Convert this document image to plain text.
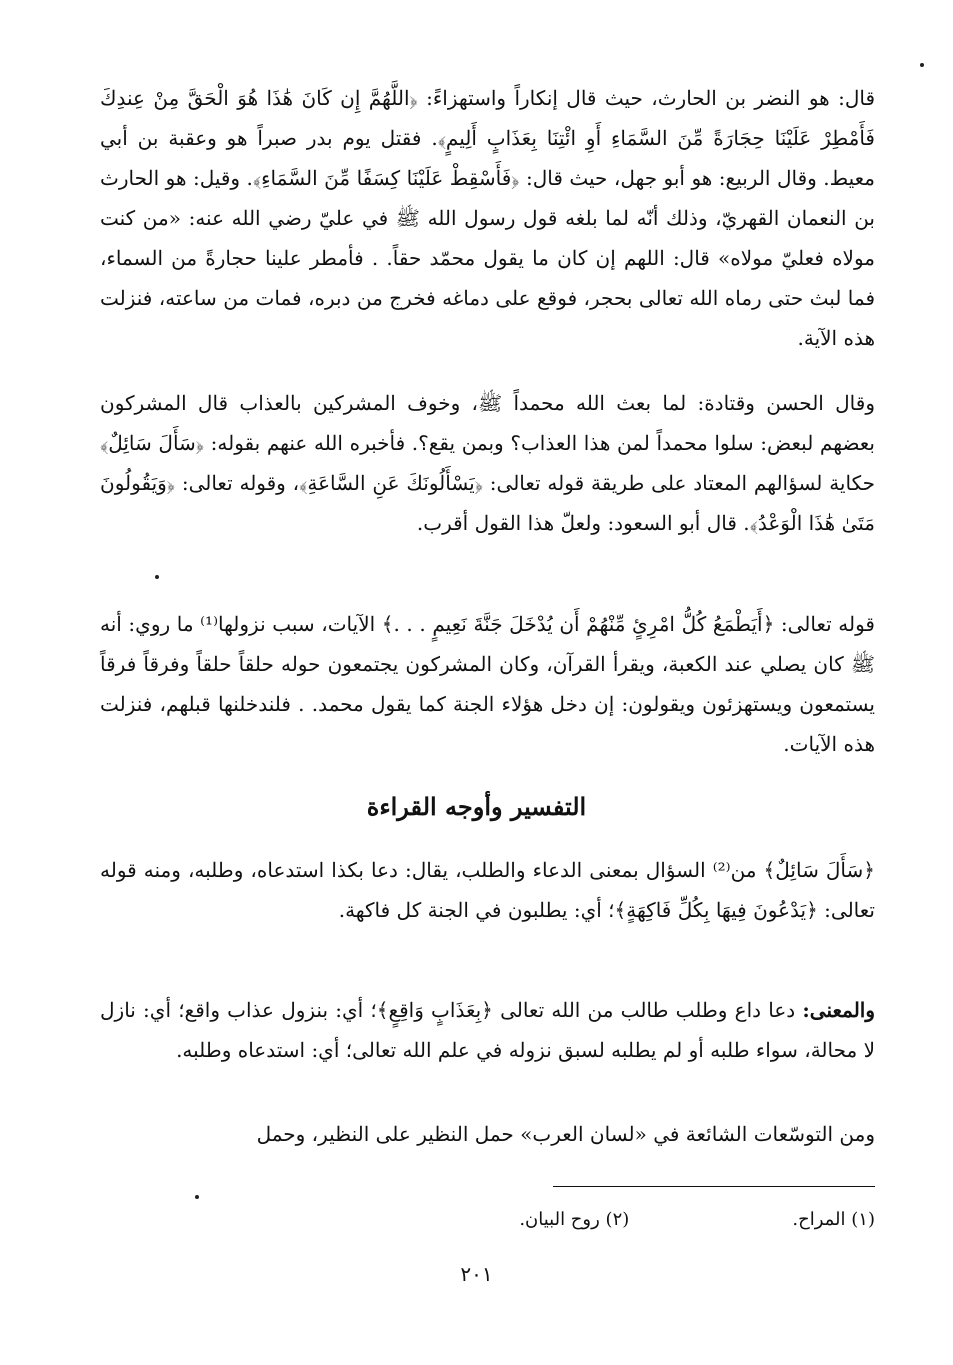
قال: هو النضر بن الحارث، حيث قال إنكاراً واستهزاءً: ﴿اللَّهُمَّ إِن كَانَ هَٰذَا هُوَ الْحَقَّ مِنْ عِندِكَ فَأَمْطِرْ عَلَيْنَا حِجَارَةً مِّنَ السَّمَاءِ أَوِ ائْتِنَا بِعَذَابٍ أَلِيمٍ﴾. فقتل يوم بدر صبراً هو وعقبة بن أبي معيط. وقال الربيع: هو أبو جهل، حيث قال: ﴿فَأَسْقِطْ عَلَيْنَا كِسَفًا مِّنَ السَّمَاءِ﴾. وقيل: هو الحارث بن النعمان القهريّ، وذلك أنّه لما بلغه قول رسول الله ﷺ في عليّ رضي الله عنه: «من كنت مولاه فعليّ مولاه» قال: اللهم إن كان ما يقول محمّد حقاً. . فأمطر علينا حجارةً من السماء، فما لبث حتى رماه الله تعالى بحجر، فوقع على دماغه فخرج من دبره، فمات من ساعته، فنزلت هذه الآية.

وقال الحسن وقتادة: لما بعث الله محمداً ﷺ، وخوف المشركين بالعذاب قال المشركون بعضهم لبعض: سلوا محمداً لمن هذا العذاب؟ وبمن يقع؟. فأخبره الله عنهم بقوله: ﴿سَأَلَ سَائِلٌ﴾ حكاية لسؤالهم المعتاد على طريقة قوله تعالى: ﴿يَسْأَلُونَكَ عَنِ السَّاعَةِ﴾، وقوله تعالى: ﴿وَيَقُولُونَ مَتَىٰ هَٰذَا الْوَعْدُ﴾. قال أبو السعود: ولعلّ هذا القول أقرب.

قوله تعالى: ﴿أَيَطْمَعُ كُلُّ امْرِئٍ مِّنْهُمْ أَن يُدْخَلَ جَنَّةَ نَعِيمٍ . . .﴾ الآيات، سبب نزولها⁽¹⁾ ما روي: أنه ﷺ كان يصلي عند الكعبة، ويقرأ القرآن، وكان المشركون يجتمعون حوله حلقاً حلقاً وفرقاً فرقاً يستمعون ويستهزئون ويقولون: إن دخل هؤلاء الجنة كما يقول محمد. . فلندخلنها قبلهم، فنزلت هذه الآيات.

التفسير وأوجه القراءة

﴿سَأَلَ سَائِلٌ﴾ من⁽²⁾ السؤال بمعنى الدعاء والطلب، يقال: دعا بكذا استدعاه، وطلبه، ومنه قوله تعالى: ﴿يَدْعُونَ فِيهَا بِكُلِّ فَاكِهَةٍ﴾؛ أي: يطلبون في الجنة كل فاكهة.

والمعنى: دعا داع وطلب طالب من الله تعالى ﴿بِعَذَابٍ وَاقِعٍ﴾؛ أي: بنزول عذاب واقع؛ أي: نازل لا محالة، سواء طلبه أو لم يطلبه لسبق نزوله في علم الله تعالى؛ أي: استدعاه وطلبه.

ومن التوسّعات الشائعة في «لسان العرب» حمل النظير على النظير، وحمل

(١) المراح. (٢) روح البيان.
٢٠١
